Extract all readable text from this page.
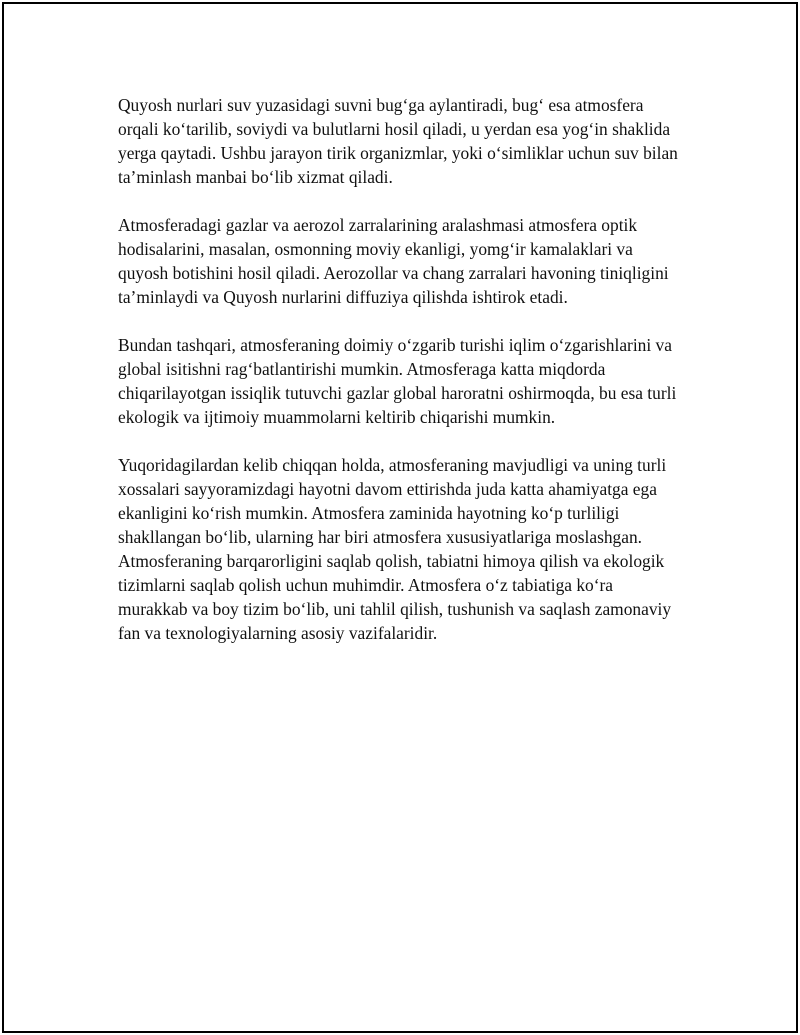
Quyosh nurlari suv yuzasidagi suvni bug‘ga aylantiradi, bug‘ esa atmosfera orqali ko‘tarilib, soviydi va bulutlarni hosil qiladi, u yerdan esa yog‘in shaklida yerga qaytadi. Ushbu jarayon tirik organizmlar, yoki o‘simliklar uchun suv bilan ta’minlash manbai bo‘lib xizmat qiladi.

Atmosferadagi gazlar va aerozol zarralarining aralashmasi atmosfera optik hodisalarini, masalan, osmonning moviy ekanligi, yomg‘ir kamalaklari va quyosh botishini hosil qiladi. Aerozollar va chang zarralari havoning tiniqligini ta’minlaydi va Quyosh nurlarini diffuziya qilishda ishtirok etadi.

Bundan tashqari, atmosferaning doimiy o‘zgarib turishi iqlim o‘zgarishlarini va global isitishni rag‘batlantirishi mumkin. Atmosferaga katta miqdorda chiqarilayotgan issiqlik tutuvchi gazlar global haroratni oshirmoqda, bu esa turli ekologik va ijtimoiy muammolarni keltirib chiqarishi mumkin.

Yuqoridagilardan kelib chiqqan holda, atmosferaning mavjudligi va uning turli xossalari sayyoramizdagi hayotni davom ettirishda juda katta ahamiyatga ega ekanligini ko‘rish mumkin. Atmosfera zaminida hayotning ko‘p turliligi shakllangan bo‘lib, ularning har biri atmosfera xususiyatlariga moslashgan. Atmosferaning barqarorligini saqlab qolish, tabiatni himoya qilish va ekologik tizimlarni saqlab qolish uchun muhimdir. Atmosfera o‘z tabiatiga ko‘ra murakkab va boy tizim bo‘lib, uni tahlil qilish, tushunish va saqlash zamonaviy fan va texnologiyalarning asosiy vazifalaridir.
